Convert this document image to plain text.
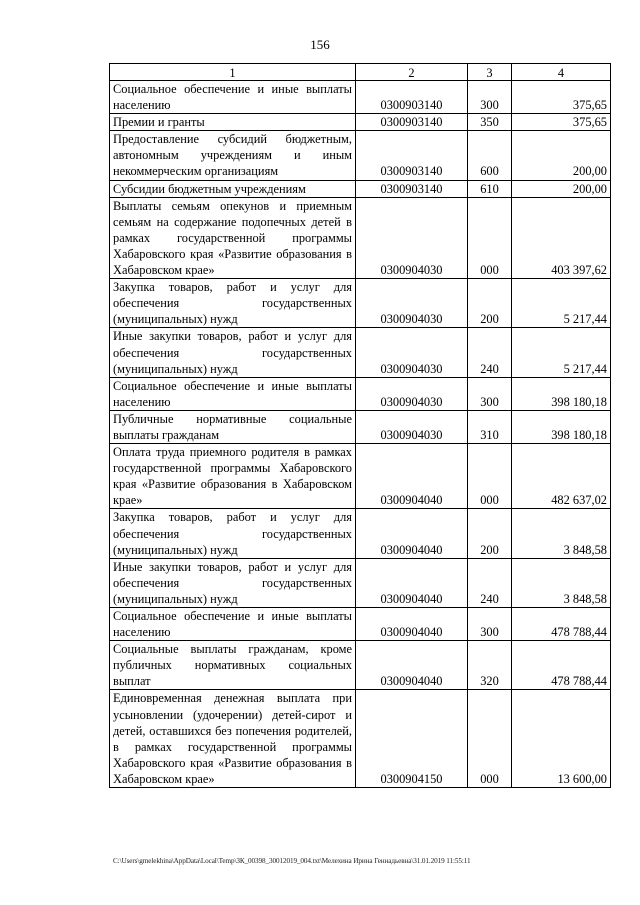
156
1	2	3	4
Социальное обеспечение и иные выплаты населению	0300903140	300	375,65
Премии и гранты	0300903140	350	375,65
Предоставление субсидий бюджетным, автономным учреждениям и иным некоммерческим организациям	0300903140	600	200,00
Субсидии бюджетным учреждениям	0300903140	610	200,00
Выплаты семьям опекунов и приемным семьям на содержание подопечных детей в рамках государственной программы Хабаровского края «Развитие образования в Хабаровском крае»	0300904030	000	403 397,62
Закупка товаров, работ и услуг для обеспечения государственных (муниципальных) нужд	0300904030	200	5 217,44
Иные закупки товаров, работ и услуг для обеспечения государственных (муниципальных) нужд	0300904030	240	5 217,44
Социальное обеспечение и иные выплаты населению	0300904030	300	398 180,18
Публичные нормативные социальные выплаты гражданам	0300904030	310	398 180,18
Оплата труда приемного родителя в рамках государственной программы Хабаровского края «Развитие образования в Хабаровском крае»	0300904040	000	482 637,02
Закупка товаров, работ и услуг для обеспечения государственных (муниципальных) нужд	0300904040	200	3 848,58
Иные закупки товаров, работ и услуг для обеспечения государственных (муниципальных) нужд	0300904040	240	3 848,58
Социальное обеспечение и иные выплаты населению	0300904040	300	478 788,44
Социальные выплаты гражданам, кроме публичных нормативных социальных выплат	0300904040	320	478 788,44
Единовременная денежная выплата при усыновлении (удочерении) детей-сирот и детей, оставшихся без попечения родителей, в рамках государственной программы Хабаровского края «Развитие образования в Хабаровском крае»	0300904150	000	13 600,00
C:\Users\gmelekhina\AppData\Local\Temp\ЗК_00398_30012019_004.txt\Мелехина Ирина Геннадьевна\31.01.2019 11:55:11
